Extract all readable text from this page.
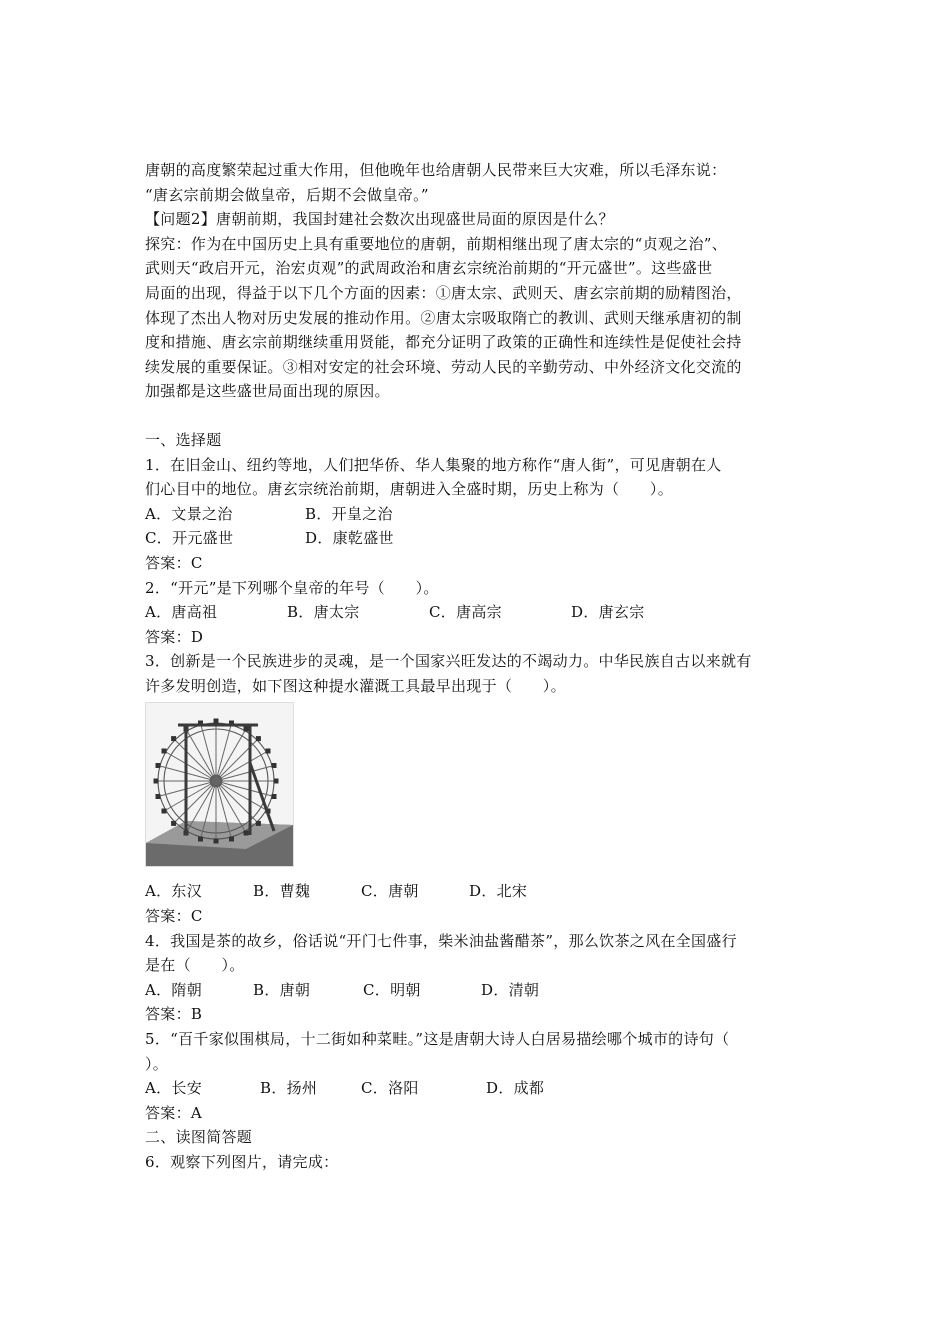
唐朝的高度繁荣起过重大作用，但他晚年也给唐朝人民带来巨大灾难，所以毛泽东说：
“唐玄宗前期会做皇帝，后期不会做皇帝。”
【问题2】唐朝前期，我国封建社会数次出现盛世局面的原因是什么？
探究：作为在中国历史上具有重要地位的唐朝，前期相继出现了唐太宗的“贞观之治”、
武则天“政启开元，治宏贞观”的武周政治和唐玄宗统治前期的“开元盛世”。这些盛世
局面的出现，得益于以下几个方面的因素：①唐太宗、武则天、唐玄宗前期的励精图治，
体现了杰出人物对历史发展的推动作用。②唐太宗吸取隋亡的教训、武则天继承唐初的制
度和措施、唐玄宗前期继续重用贤能，都充分证明了政策的正确性和连续性是促使社会持
续发展的重要保证。③相对安定的社会环境、劳动人民的辛勤劳动、中外经济文化交流的
加强都是这些盛世局面出现的原因。
一、选择题
1．在旧金山、纽约等地，人们把华侨、华人集聚的地方称作“唐人街”，可见唐朝在人
们心目中的地位。唐玄宗统治前期，唐朝进入全盛时期，历史上称为（　　）。
A．文景之治	B．开皇之治
C．开元盛世	D．康乾盛世
答案：C
2．“开元”是下列哪个皇帝的年号（　　）。
A．唐高祖	B．唐太宗	C．唐高宗	D．唐玄宗
答案：D
3．创新是一个民族进步的灵魂，是一个国家兴旺发达的不竭动力。中华民族自古以来就有
许多发明创造，如下图这种提水灌溉工具最早出现于（　　）。
A．东汉	B．曹魏	C．唐朝	D．北宋
答案：C
4．我国是茶的故乡，俗话说“开门七件事，柴米油盐酱醋茶”，那么饮茶之风在全国盛行
是在（　　）。
A．隋朝	B．唐朝	C．明朝	D．清朝
答案：B
5．“百千家似围棋局，十二街如种菜畦。”这是唐朝大诗人白居易描绘哪个城市的诗句（
）。
A．长安	B．扬州	C．洛阳	D．成都
答案：A
二、读图简答题
6．观察下列图片，请完成：
